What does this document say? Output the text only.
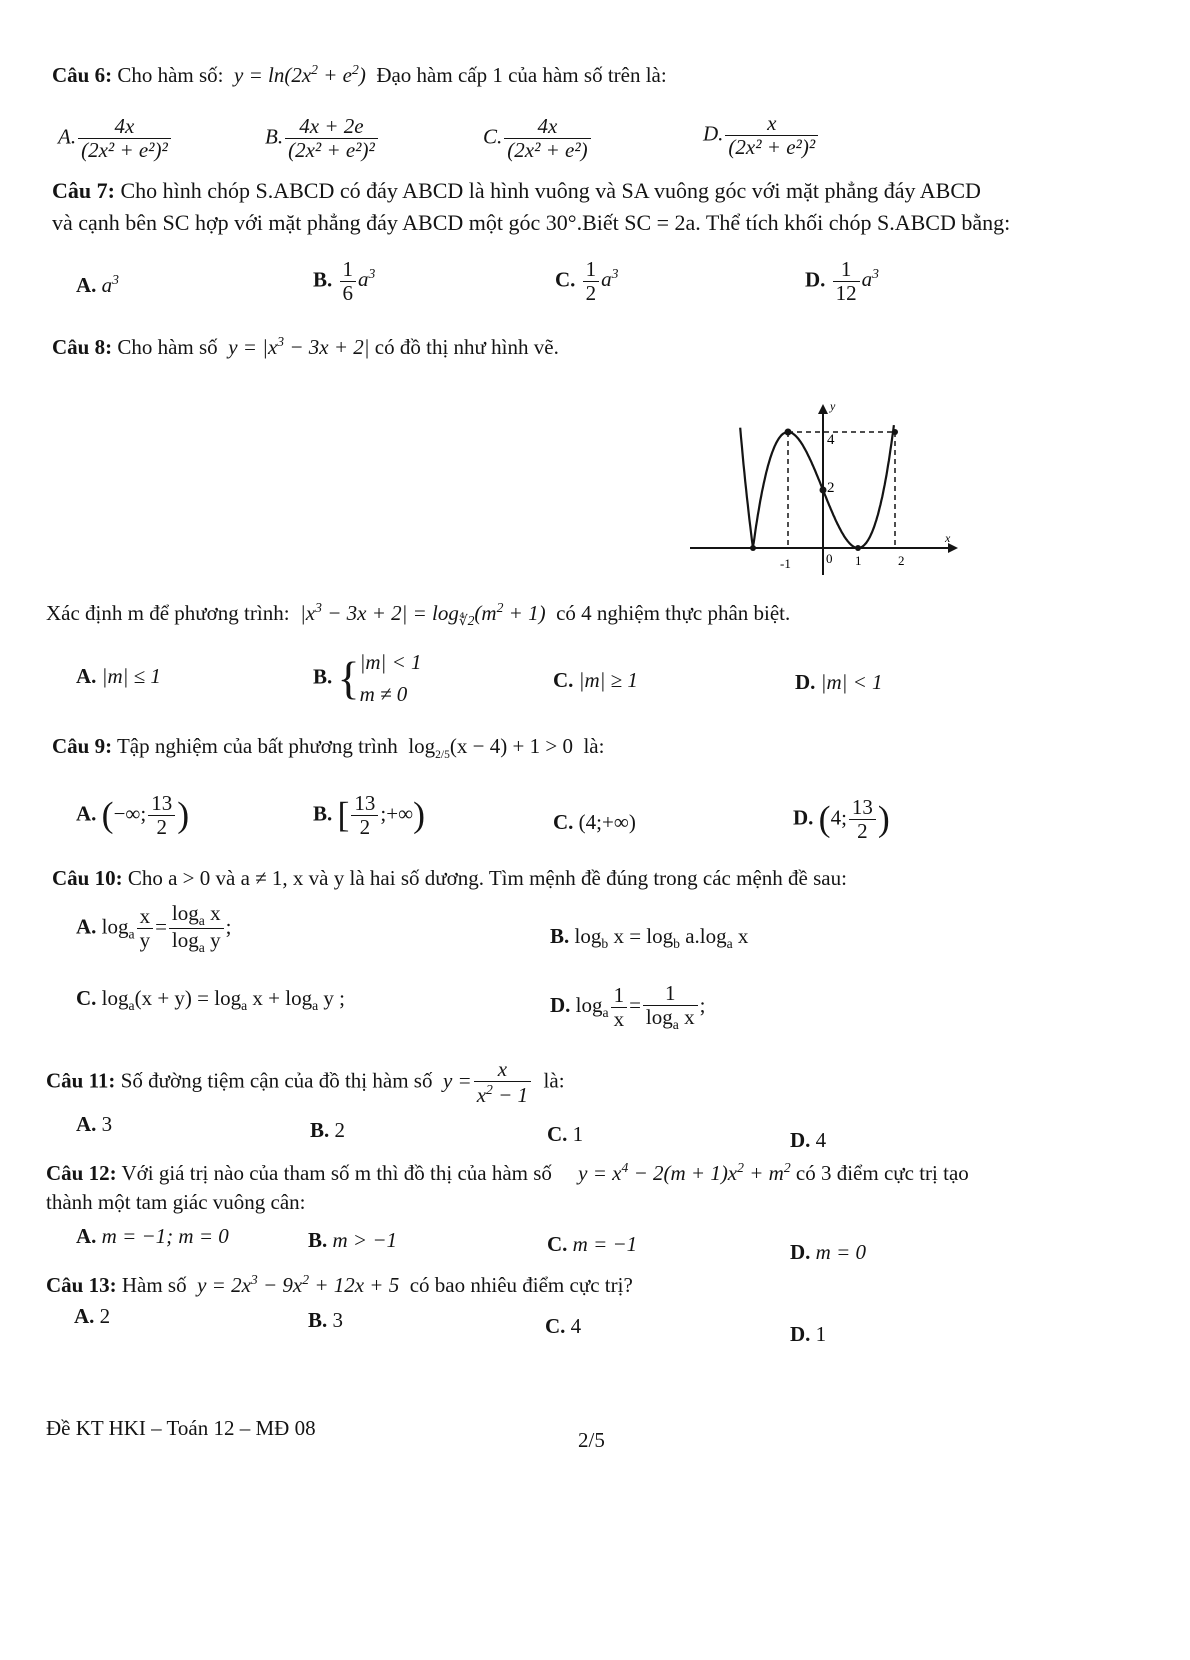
Câu 6: Cho hàm số:  $y = \ln(2x^2 + e^2)$ Đạo hàm cấp 1 của hàm số trên là:
A. $\frac{4x}{\text{(2x² + e²)²}}$	B. $\frac{4x + 2e}{\text{(2x² + e²)²}}$	C. $\frac{4x}{\text{(2x² + e²)}}$	D. $\frac{x}{\text{(2x² + e²)²}}$
Câu 7: Cho hình chóp S.ABCD có đáy ABCD là hình vuông và SA vuông góc với mặt phẳng đáy ABCD
và cạnh bên SC hợp với mặt phẳng đáy ABCD một góc 30°.Biết SC = 2a. Thể tích khối chóp S.ABCD bằng:
A. $a^3$	B. $\frac{1}{6} a^3$	C. $\frac{1}{2} a^3$	D. $\frac{1}{12} a^3$
Câu 8: Cho hàm số  $y = |x^3 - 3x + 2|$ có đồ thị như hình vẽ.
y
x
4
2
-1	0 1	2
Xác định m để phương trình:  $|x^3 - 3x + 2| = \log_{∜2}(m^2 + 1)$ có 4 nghiệm thực phân biệt.
A. |m| ≤ 1	B. { |m| < 1
m ≠ 0
C. |m| ≥ 1	D. |m| < 1
Câu 9: Tập nghiệm của bất phương trình  $\log_{2/5}(x - 4) + 1 > 0$ là:
A. (−∞; $\frac{13}{2}$ )	B. [ $\frac{13}{2}$ ;+∞)	C. (4;+∞)	D. (4; $\frac{13}{2}$ )
Câu 10: Cho a > 0 và a ≠ 1, x và y là hai số dương. Tìm mệnh đề đúng trong các mệnh đề sau:
A. $\log_a \frac{x}{y} = \frac{\log_a x}{\log_a y}$ ;	B. $\log_b x = \log_b a.\log_a$ x
C. $\log_a(x + y) = \log_a x + \log_a y$ ;	D. $\log_a \frac{1}{x} = \frac{1}{\log_a x}$ ;
Câu 11: Số đường tiệm cận của đồ thị hàm số  $y = \frac{x}{x^2 - 1}$ là:
A. 3	B. 2	C. 1	D. 4
Câu 12: Với giá trị nào của tham số m thì đồ thị của hàm số     $y = x^4 - 2(m + 1)x^2 + m^2$ có 3 điểm cực trị tạo
thành một tam giác vuông cân:
A. m = −1; m = 0	B. m > −1	C. m = −1	D. m = 0
Câu 13: Hàm số  $y = 2x^3 - 9x^2 + 12x + 5$ có bao nhiêu điểm cực trị?
A. 2	B. 3	C. 4	D. 1
Đề KT HKI – Toán 12 – MĐ 08	2/5
